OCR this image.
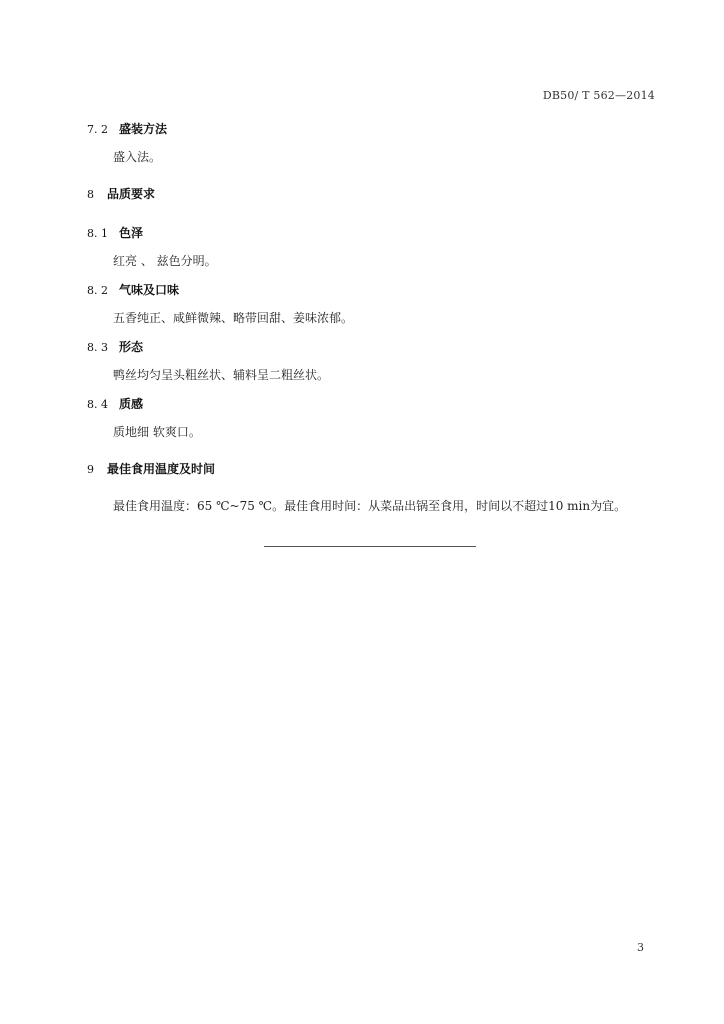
DB50/ T 562—2014
7. 2 盛装方法
盛入法。
8 品质要求
8. 1 色泽
红亮 、 兹色分明。
8. 2 气味及口味
五香纯正、咸鲜微辣、略带回甜、姜味浓郁。
8. 3 形态
鸭丝均匀呈头粗丝状、辅料呈二粗丝状。
8. 4 质感
质地细 软爽口。
9 最佳食用温度及时间
最佳食用温度：65 ℃~75 ℃。最佳食用时间：从菜品出锅至食用，时间以不超过10 min为宜。
3
